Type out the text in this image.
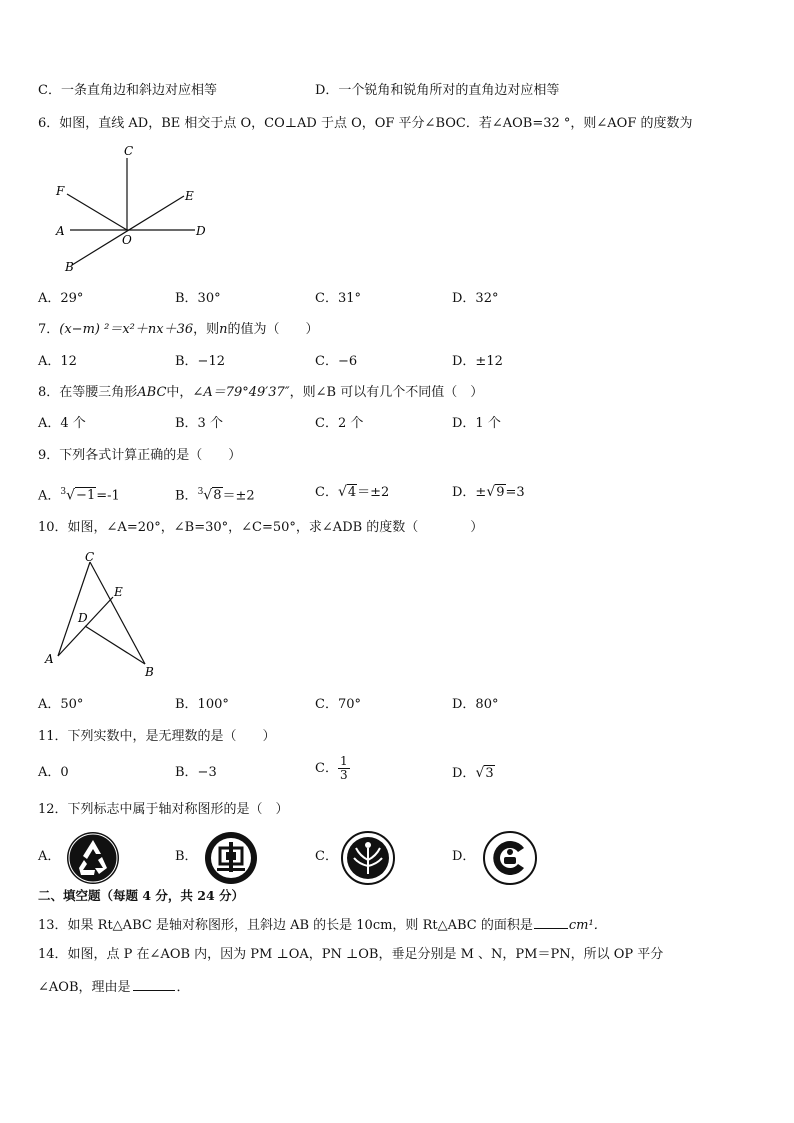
C．一条直角边和斜边对应相等	D．一个锐角和锐角所对的直角边对应相等
6．如图，直线 AD，BE 相交于点 O，CO⊥AD 于点 O，OF 平分∠BOC．若∠AOB=32 °，则∠AOF 的度数为
C
F	E
A
O
D
B
A．29°	B．30°	C．31°	D．32°
7．(x−m) ²＝x²＋nx＋36，则n的值为（　　）
A．12	B．−12	C．−6	D．±12
8．在等腰三角形ABC中，∠A＝79°49′37″，则∠B 可以有几个不同值（　）
A．4 个	B．3 个	C．2 个	D．1 个
9．下列各式计算正确的是（　　）
A．$^3$√−1=-1	B．$^3$√8＝±2	C．√4＝±2	D．±√9=3
10．如图，∠A=20°，∠B=30°，∠C=50°，求∠ADB 的度数（　　　　）
C
E
D
A
B
A．50°	B．100°	C．70°	D．80°
11．下列实数中，是无理数的是（　　）
A．0	B．−3	C． $\frac{1}{3}$	D．√3
12．下列标志中属于轴对称图形的是（　）
A．	B．	C．	D．
二、填空题（每题 4 分，共 24 分）
13．如果 Rt△ABC 是轴对称图形，且斜边 AB 的长是 10cm，则 Rt△ABC 的面积是	cm¹．
14．如图，点 P 在∠AOB 内，因为 PM ⊥OA，PN ⊥OB，垂足分别是 M 、N，PM＝PN，所以 OP 平分
∠AOB，理由是	．
